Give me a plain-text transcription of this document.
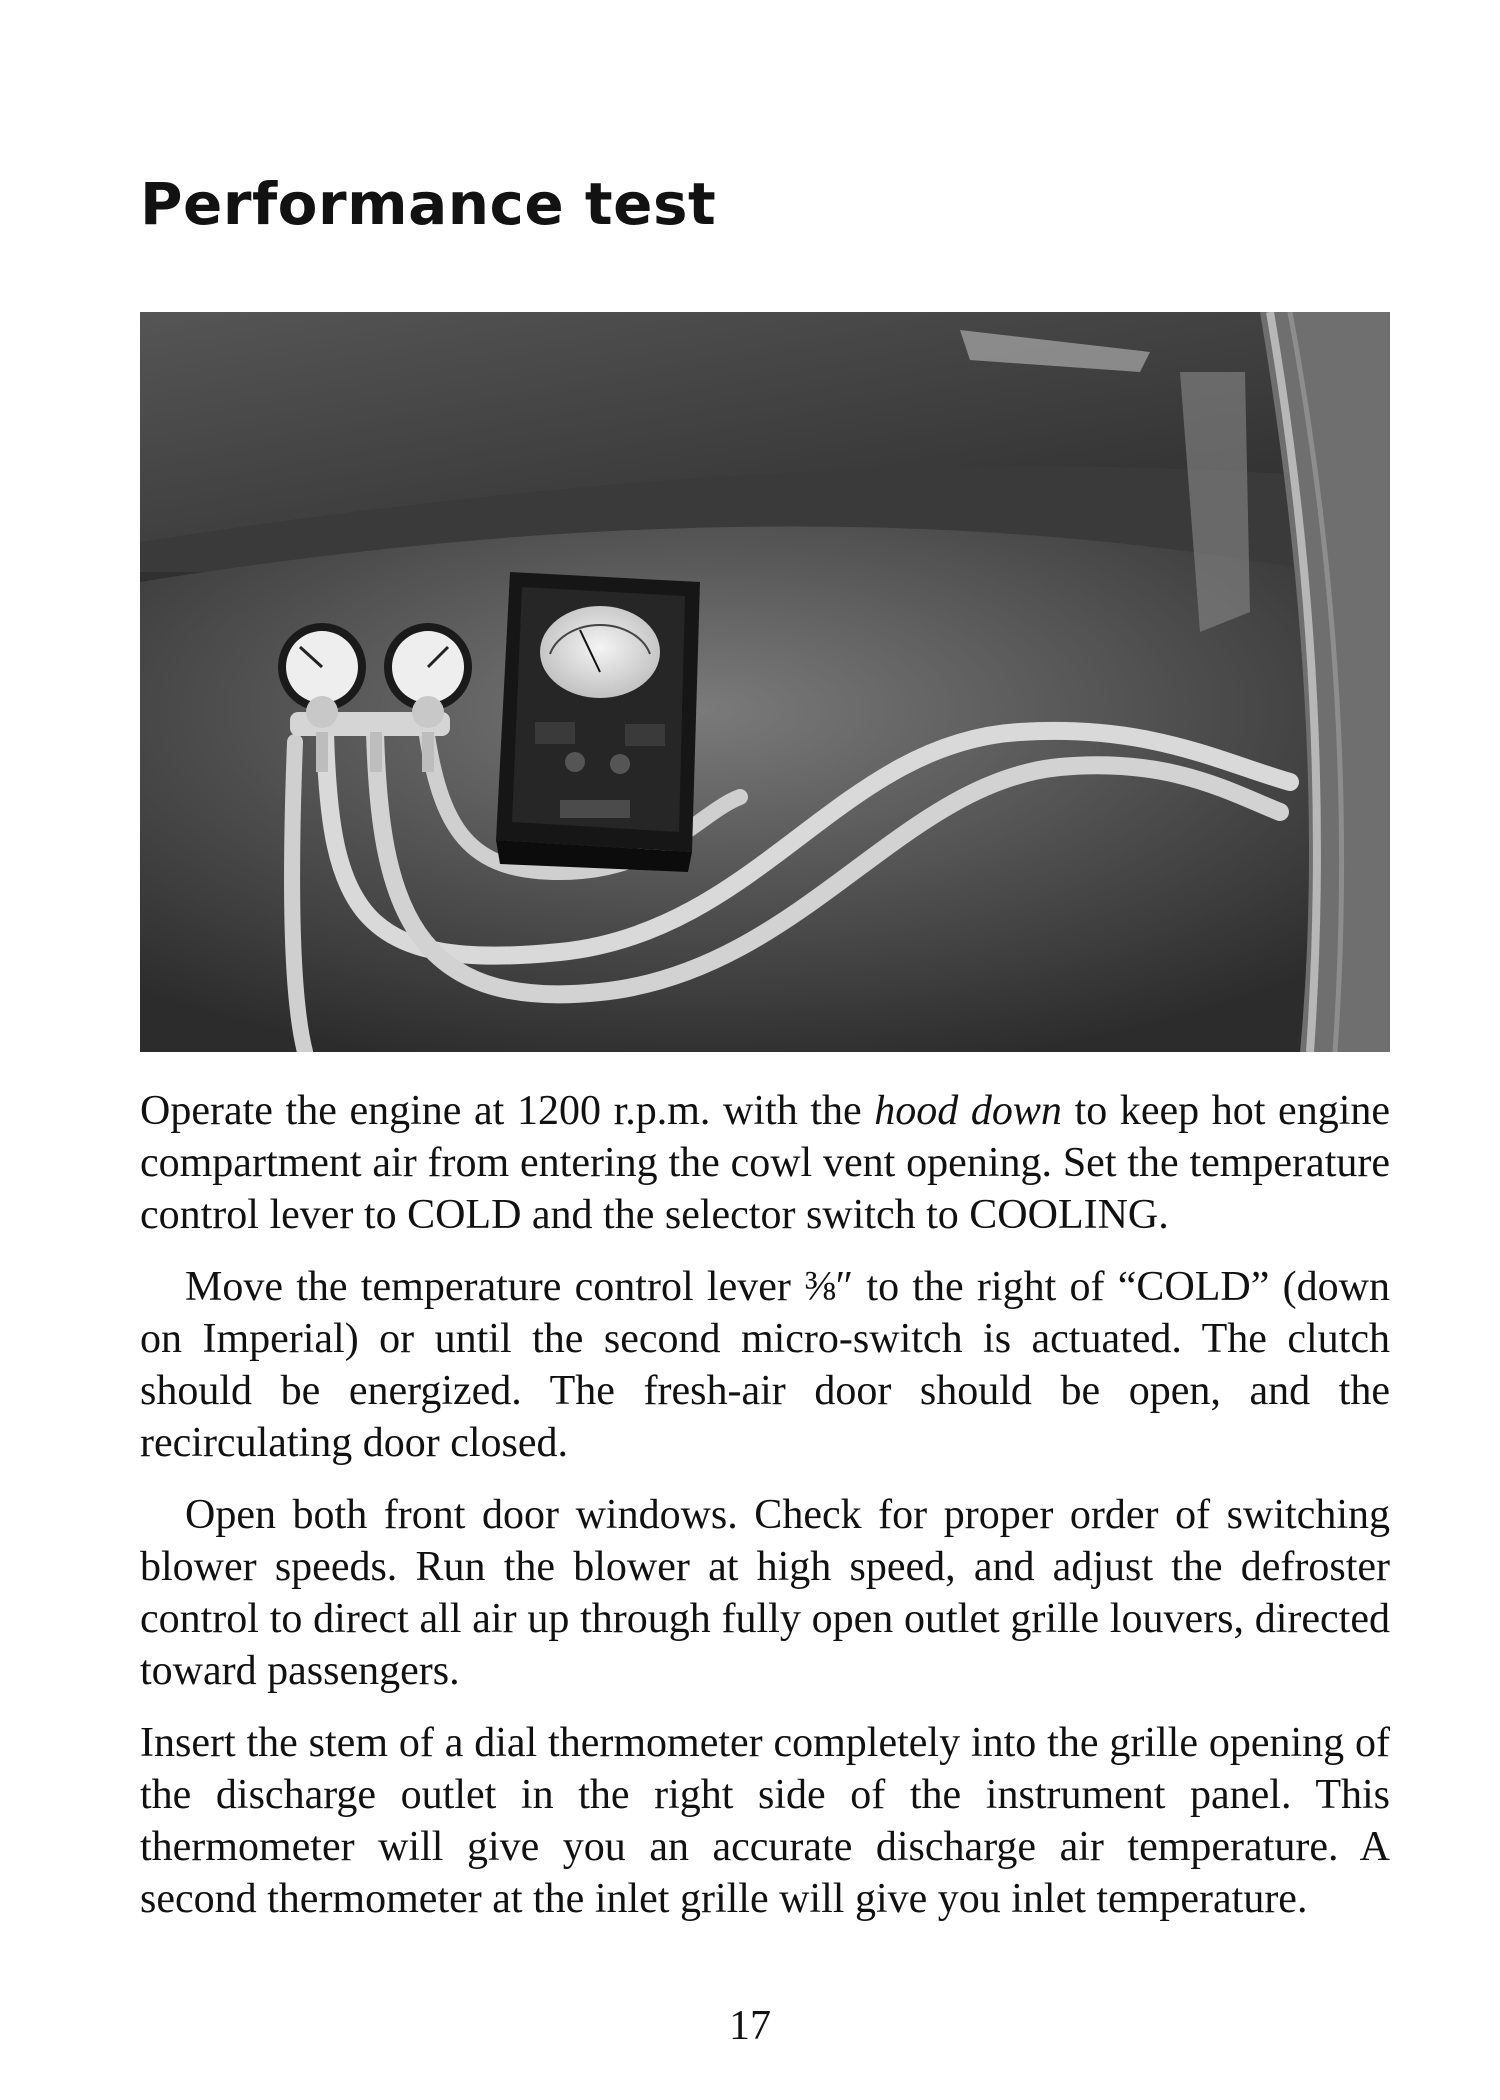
Performance test

Operate the engine at 1200 r.p.m. with the hood down to keep hot engine compartment air from entering the cowl vent opening. Set the temperature control lever to COLD and the selector switch to COOLING.

Move the temperature control lever ⅜″ to the right of “COLD” (down on Imperial) or until the second micro-switch is actuated. The clutch should be energized. The fresh-air door should be open, and the recirculating door closed.

Open both front door windows. Check for proper order of switching blower speeds. Run the blower at high speed, and adjust the defroster control to direct all air up through fully open outlet grille louvers, directed toward passengers.

Insert the stem of a dial thermometer completely into the grille opening of the discharge outlet in the right side of the instrument panel. This thermometer will give you an accurate discharge air temperature. A second thermometer at the inlet grille will give you inlet temperature.

17
